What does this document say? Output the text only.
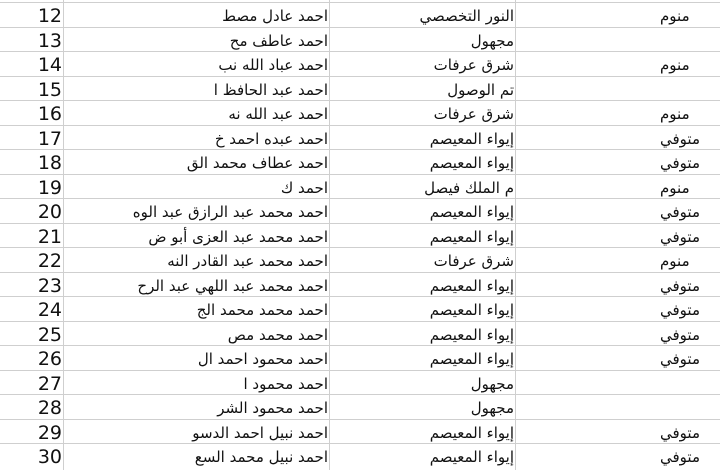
12	احمد عادل مصط	النور التخصصي	منوم
13	احمد عاطف مح	مجهول
14	احمد عباد الله نب	شرق عرفات	منوم
15	احمد عبد الحافظ ا	تم الوصول
16	احمد عبد الله نه	شرق عرفات	منوم
17	احمد عبده احمد خ	إيواء المعيصم	متوفي
18	احمد عطاف محمد الق	إيواء المعيصم	متوفي
19	احمد ك	م الملك فيصل	منوم
20	احمد محمد عبد الرازق عبد الوه	إيواء المعيصم	متوفي
21	احمد محمد عبد العزى أبو ض	إيواء المعيصم	متوفي
22	احمد محمد عبد القادر النه	شرق عرفات	منوم
23	احمد محمد عبد اللهي عبد الرح	إيواء المعيصم	متوفي
24	احمد محمد محمد الج	إيواء المعيصم	متوفي
25	احمد محمد مص	إيواء المعيصم	متوفي
26	احمد محمود احمد ال	إيواء المعيصم	متوفي
27	احمد محمود ا	مجهول
28	احمد محمود الشر	مجهول
29	احمد نبيل احمد الدسو	إيواء المعيصم	متوفي
30	احمد نبيل محمد السع	إيواء المعيصم	متوفي
